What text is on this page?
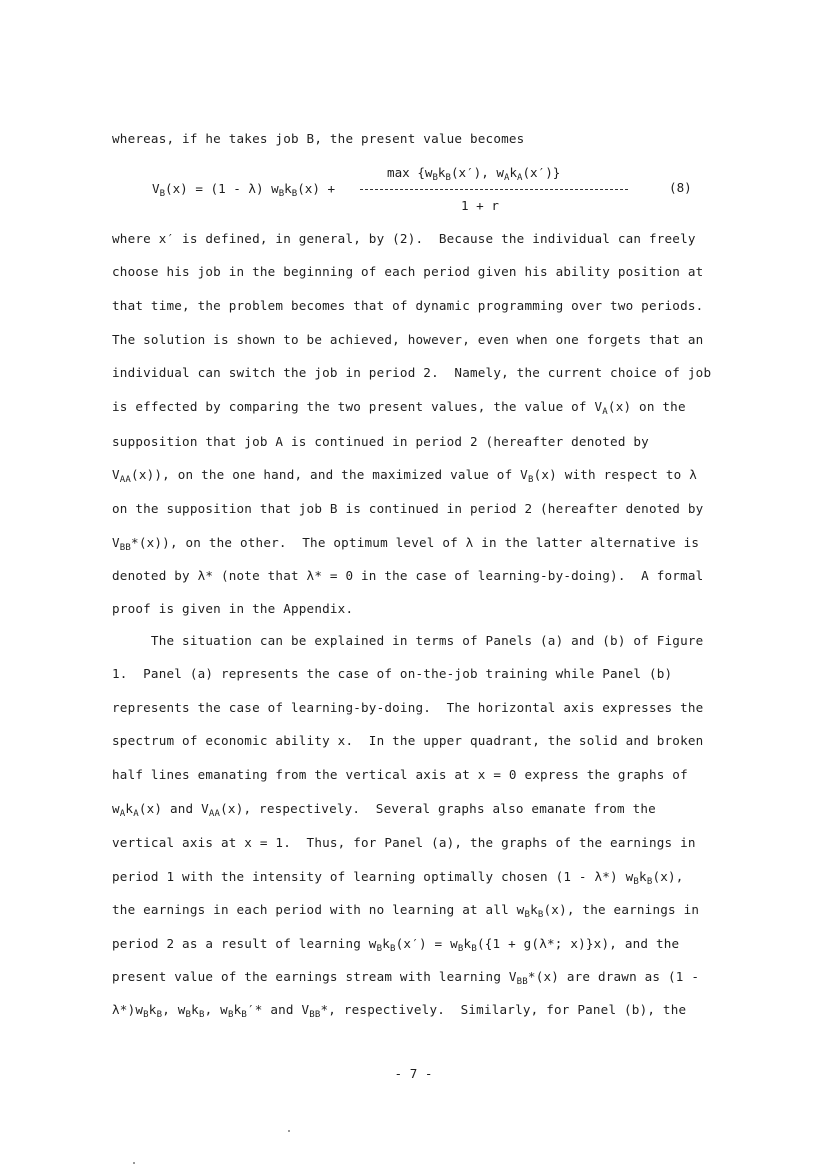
whereas, if he takes job B, the present value becomes
$\max \{w_Bk_B(x')$, $w_Ak_A(x')$}
$V_B(x) = (1 - \lambda) w_Bk_B(x)$ +
1 + r
(8)
where x′ is defined, in general, by (2).  Because the individual can freely
choose his job in the beginning of each period given his ability position at
that time, the problem becomes that of dynamic programming over two periods.
The solution is shown to be achieved, however, even when one forgets that an
individual can switch the job in period 2.  Namely, the current choice of job
is effected by comparing the two present values, the value of $V_A(x)$ on the
supposition that job A is continued in period 2 (hereafter denoted by
$V_{AA}(x)$), on the one hand, and the maximized value of $V_B(x)$ with respect to λ
on the supposition that job B is continued in period 2 (hereafter denoted by
$V_{BB}*(x)$), on the other.  The optimum level of λ in the latter alternative is
denoted by λ* (note that λ* = 0 in the case of learning-by-doing).  A formal
proof is given in the Appendix.
The situation can be explained in terms of Panels (a) and (b) of Figure
1.  Panel (a) represents the case of on-the-job training while Panel (b)
represents the case of learning-by-doing.  The horizontal axis expresses the
spectrum of economic ability x.  In the upper quadrant, the solid and broken
half lines emanating from the vertical axis at x = 0 express the graphs of
$w_Ak_A(x)$ and $V_{AA}(x)$, respectively.  Several graphs also emanate from the
vertical axis at x = 1.  Thus, for Panel (a), the graphs of the earnings in
period 1 with the intensity of learning optimally chosen (1 - λ*) $w_Bk_B(x)$,
the earnings in each period with no learning at all $w_Bk_B(x)$, the earnings in
period 2 as a result of learning $w_Bk_B(x') = w_Bk_B(\{1 + g(\lambda*$; x)}x), and the
present value of the earnings stream with learning $V_{BB}*(x)$ are drawn as (1 -
$\lambda*)w_Bk_B$, $w_Bk_B$, $w_Bk_B'*$ and $V_{BB}*$, respectively.  Similarly, for Panel (b), the
- 7 -
